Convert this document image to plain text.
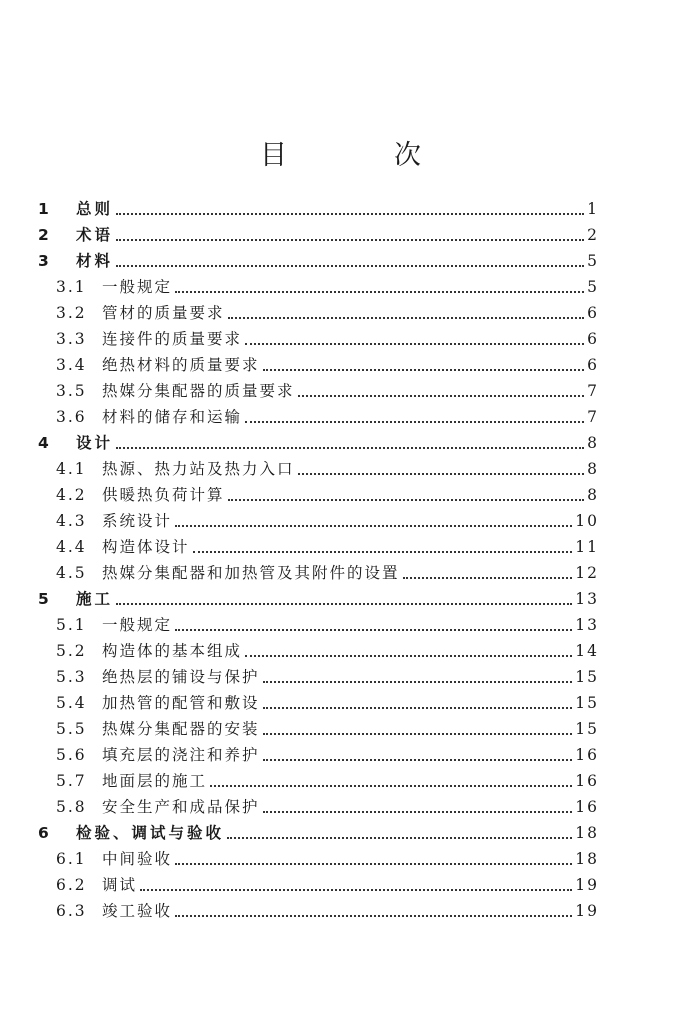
目　次
1	总则	1
2	术语	2
3	材料	5
3.1 一般规定	5
3.2 管材的质量要求	6
3.3 连接件的质量要求	6
3.4 绝热材料的质量要求	6
3.5 热媒分集配器的质量要求	7
3.6 材料的储存和运输	7
4	设计	8
4.1 热源、热力站及热力入口	8
4.2 供暖热负荷计算	8
4.3 系统设计	10
4.4 构造体设计	11
4.5 热媒分集配器和加热管及其附件的设置	12
5	施工	13
5.1 一般规定	13
5.2 构造体的基本组成	14
5.3 绝热层的铺设与保护	15
5.4 加热管的配管和敷设	15
5.5 热媒分集配器的安装	15
5.6 填充层的浇注和养护	16
5.7 地面层的施工	16
5.8 安全生产和成品保护	16
6	检验、调试与验收	18
6.1 中间验收	18
6.2 调试	19
6.3 竣工验收	19
